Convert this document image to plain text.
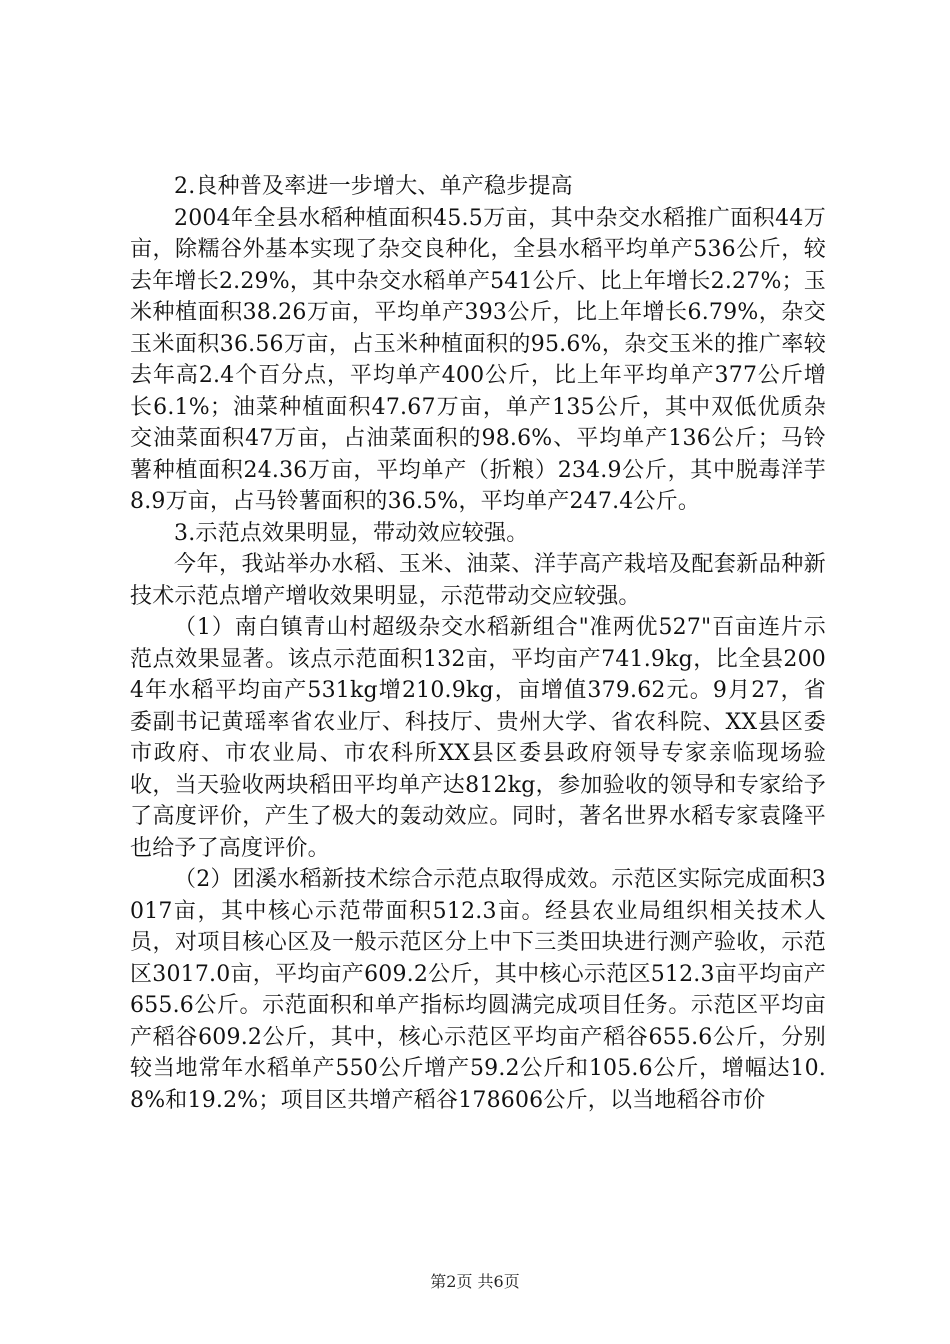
2.良种普及率进一步增大、单产稳步提高

2004年全县水稻种植面积45.5万亩，其中杂交水稻推广面积44万亩，除糯谷外基本实现了杂交良种化，全县水稻平均单产536公斤，较去年增长2.29%，其中杂交水稻单产541公斤、比上年增长2.27%；玉米种植面积38.26万亩，平均单产393公斤，比上年增长6.79%，杂交玉米面积36.56万亩，占玉米种植面积的95.6%，杂交玉米的推广率较去年高2.4个百分点，平均单产400公斤，比上年平均单产377公斤增长6.1%；油菜种植面积47.67万亩，单产135公斤，其中双低优质杂交油菜面积47万亩，占油菜面积的98.6%、平均单产136公斤；马铃薯种植面积24.36万亩，平均单产（折粮）234.9公斤，其中脱毒洋芋8.9万亩，占马铃薯面积的36.5%，平均单产247.4公斤。

3.示范点效果明显，带动效应较强。

今年，我站举办水稻、玉米、油菜、洋芋高产栽培及配套新品种新技术示范点增产增收效果明显，示范带动交应较强。

（1）南白镇青山村超级杂交水稻新组合"准两优527"百亩连片示范点效果显著。该点示范面积132亩，平均亩产741.9kg，比全县2004年水稻平均亩产531kg增210.9kg，亩增值379.62元。9月27，省委副书记黄瑶率省农业厅、科技厅、贵州大学、省农科院、XX县区委市政府、市农业局、市农科所XX县区委县政府领导专家亲临现场验收，当天验收两块稻田平均单产达812kg，参加验收的领导和专家给予了高度评价，产生了极大的轰动效应。同时，著名世界水稻专家袁隆平也给予了高度评价。

（2）团溪水稻新技术综合示范点取得成效。示范区实际完成面积3017亩，其中核心示范带面积512.3亩。经县农业局组织相关技术人员，对项目核心区及一般示范区分上中下三类田块进行测产验收，示范区3017.0亩，平均亩产609.2公斤，其中核心示范区512.3亩平均亩产655.6公斤。示范面积和单产指标均圆满完成项目任务。示范区平均亩产稻谷609.2公斤，其中，核心示范区平均亩产稻谷655.6公斤，分别较当地常年水稻单产550公斤增产59.2公斤和105.6公斤，增幅达10.8%和19.2%；项目区共增产稻谷178606公斤，以当地稻谷市价

第2页 共6页
